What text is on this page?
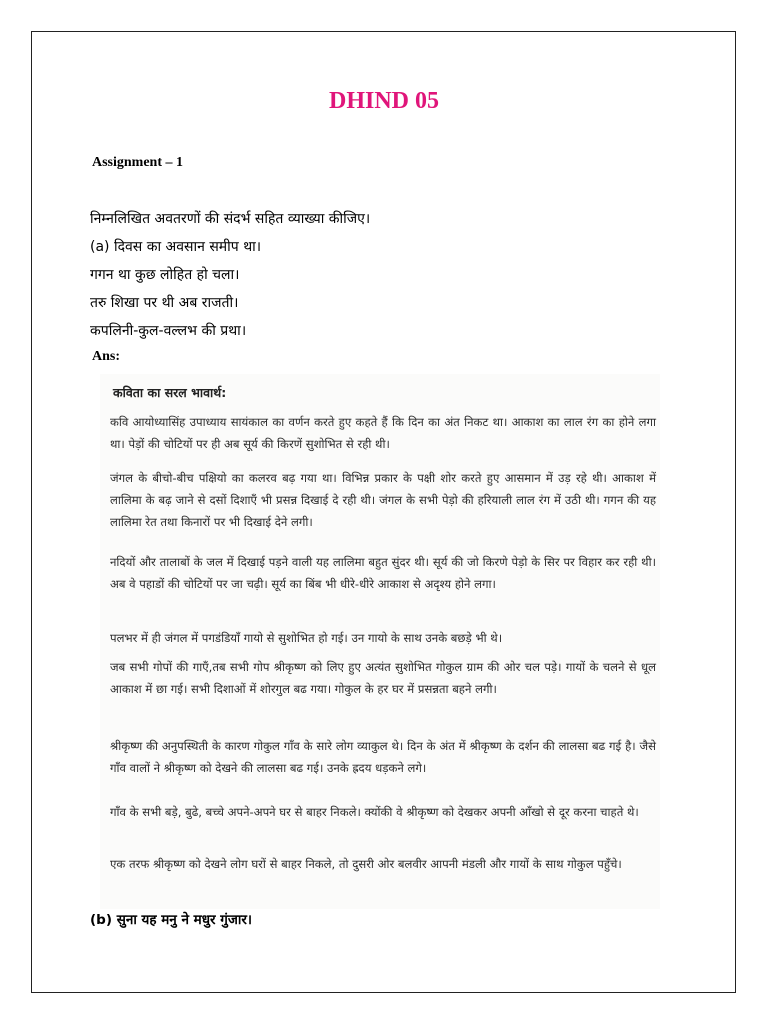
DHIND 05

Assignment – 1

निम्नलिखित अवतरणों की संदर्भ सहित व्याख्या कीजिए।

(a) दिवस का अवसान समीप था।

गगन था कुछ लोहित हो चला।

तरु शिखा पर थी अब राजती।

कपलिनी-कुल-वल्लभ की प्रथा।

Ans:

कविता का सरल भावार्थ:

कवि आयोध्यासिंह उपाध्याय सायंकाल का वर्णन करते हुए कहते हैं कि दिन का अंत निकट था। आकाश का लाल रंग का होने लगा था। पेड़ों की चोटियों पर ही अब सूर्य की किरणें सुशोभित से रही थी।

जंगल के बीचो-बीच पक्षियो का कलरव बढ़ गया था। विभिन्न प्रकार के पक्षी शोर करते हुए आसमान में उड़ रहे थी। आकाश में लालिमा के बढ़ जाने से दसों दिशाएँ भी प्रसन्न दिखाई दे रही थी। जंगल के सभी पेड़ो की हरियाली लाल रंग में उठी थी। गगन की यह लालिमा रेत तथा किनारों पर भी दिखाई देने लगी।

नदियों और तालाबों के जल में दिखाई पड़ने वाली यह लालिमा बहुत सुंदर थी। सूर्य की जो किरणे पेड़ो के सिर पर विहार कर रही थी। अब वे पहाडों की चोटियों पर जा चढ़ी। सूर्य का बिंब भी धीरे-धीरे आकाश से अदृश्य होने लगा।

पलभर में ही जंगल में पगडंडियाँ गायो से सुशोभित हो गई। उन गायो के साथ उनके बछड़े भी थे।

जब सभी गोपों की गाएँ,तब सभी गोप श्रीकृष्ण को लिए हुए अत्यंत सुशोभित गोकुल ग्राम की ओर चल पड़े। गायों के चलने से धूल आकाश में छा गई। सभी दिशाओं में शोरगुल बढ गया। गोकुल के हर घर में प्रसन्नता बहने लगी।

श्रीकृष्ण की अनुपस्थिती के कारण गोकुल गाँव के सारे लोग व्याकुल थे। दिन के अंत में श्रीकृष्ण के दर्शन की लालसा बढ गई है। जैसे गाँव वालों ने श्रीकृष्ण को देखने की लालसा बढ गई। उनके ह्रदय धड़कने लगे।

गाँव के सभी बड़े, बुढे, बच्चे अपने-अपने घर से बाहर निकले। क्योंकी वे श्रीकृष्ण को देखकर अपनी आँखो से दूर करना चाहते थे।

एक तरफ श्रीकृष्ण को देखने लोग घरों से बाहर निकले, तो दुसरी ओर बलवीर आपनी मंडली और गायों के साथ गोकुल पहुँचे।

(b) सुना यह मनु ने मधुर गुंजार।
